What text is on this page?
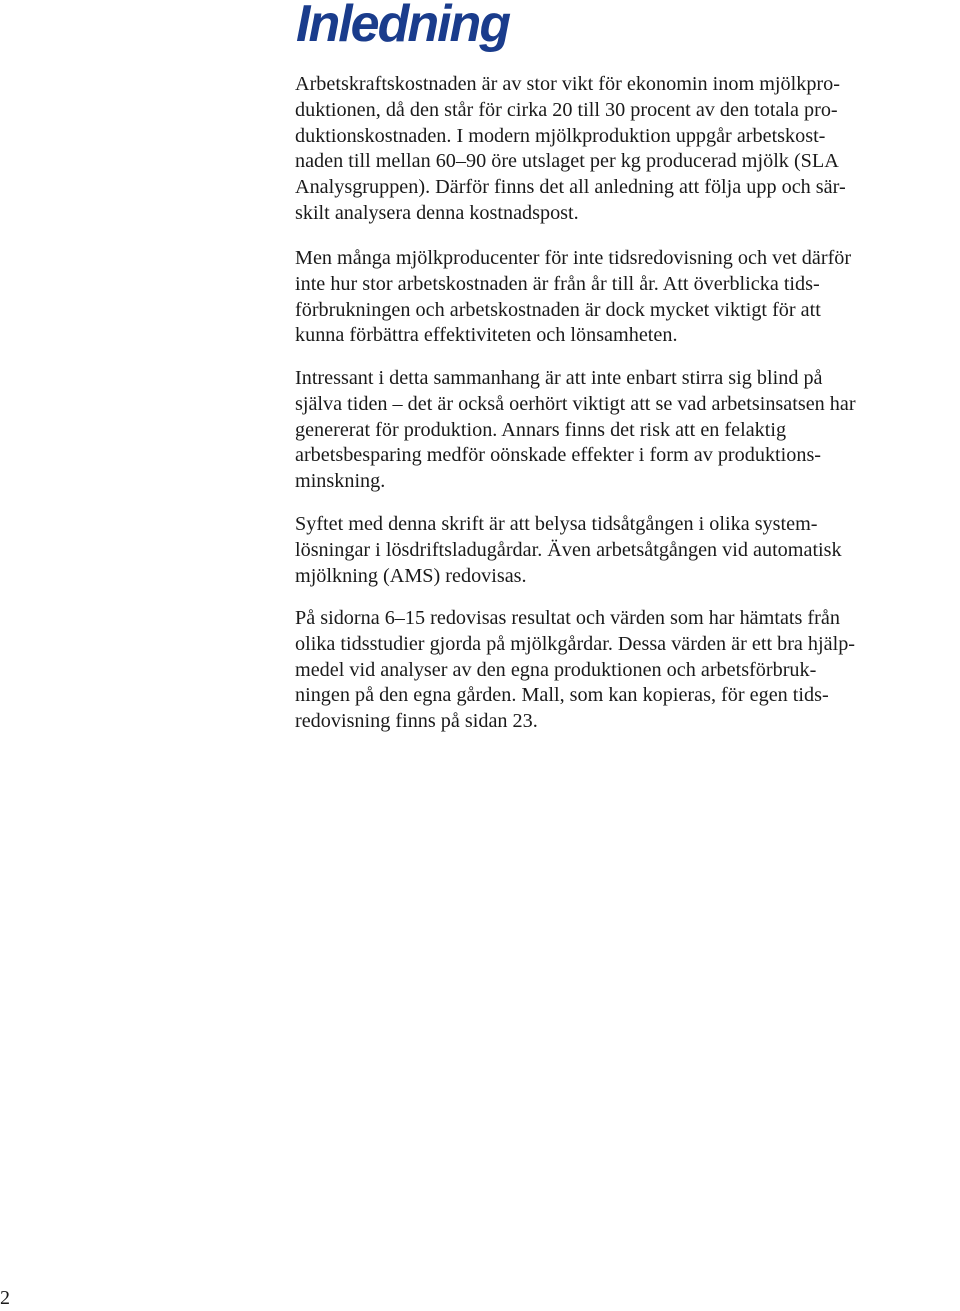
Inledning

Arbetskraftskostnaden är av stor vikt för ekonomin inom mjölkpro-
duktionen, då den står för cirka 20 till 30 procent av den totala pro-
duktionskostnaden. I modern mjölkproduktion uppgår arbetskost-
naden till mellan 60–90 öre utslaget per kg producerad mjölk (SLA
Analysgruppen). Därför finns det all anledning att följa upp och sär-
skilt analysera denna kostnadspost.

Men många mjölkproducenter för inte tidsredovisning och vet därför
inte hur stor arbetskostnaden är från år till år. Att överblicka tids-
förbrukningen och arbetskostnaden är dock mycket viktigt för att
kunna förbättra effektiviteten och lönsamheten.

Intressant i detta sammanhang är att inte enbart stirra sig blind på
själva tiden – det är också oerhört viktigt att se vad arbetsinsatsen har
genererat för produktion. Annars finns det risk att en felaktig
arbetsbesparing medför oönskade effekter i form av produktions-
minskning.

Syftet med denna skrift är att belysa tidsåtgången i olika system-
lösningar i lösdriftsladugårdar. Även arbetsåtgången vid automatisk
mjölkning (AMS) redovisas.

På sidorna 6–15 redovisas resultat och värden som har hämtats från
olika tidsstudier gjorda på mjölkgårdar. Dessa värden är ett bra hjälp-
medel vid analyser av den egna produktionen och arbetsförbruk-
ningen på den egna gården. Mall, som kan kopieras, för egen tids-
redovisning finns på sidan 23.

2
